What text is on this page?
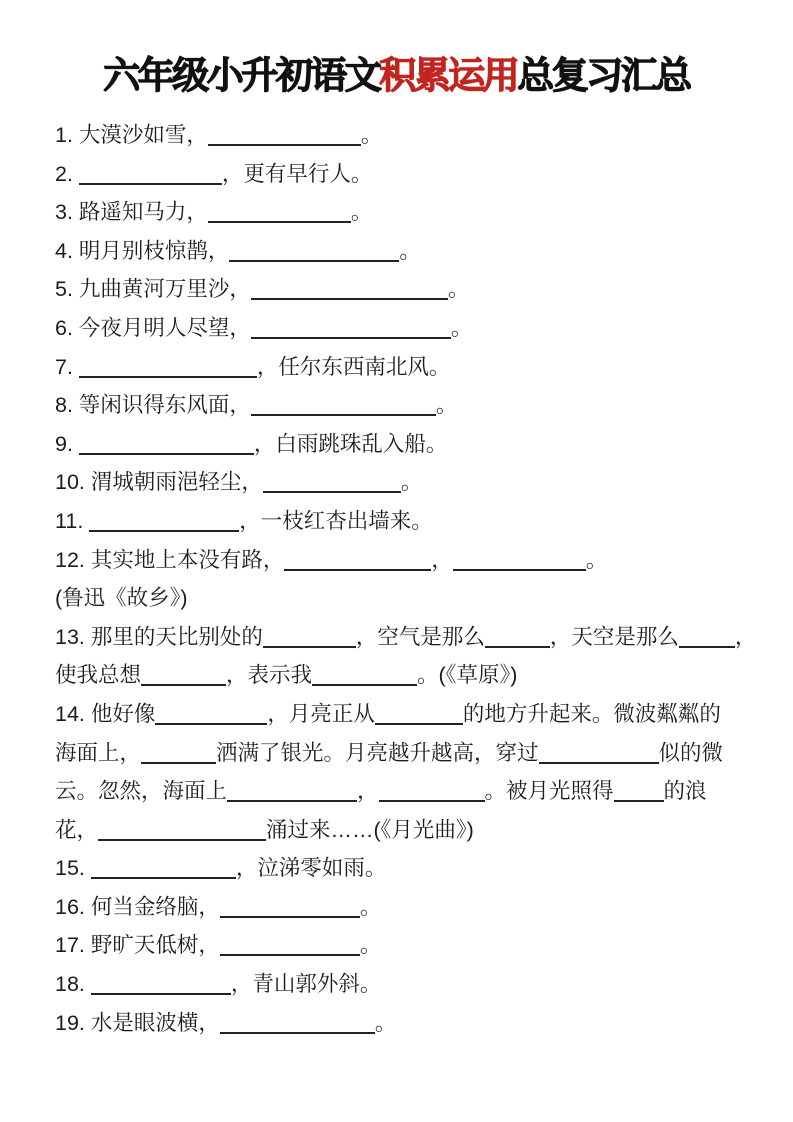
六年级小升初语文积累运用总复习汇总
1. 大漠沙如雪，	。
2.	，更有早行人。
3. 路遥知马力，	。
4. 明月别枝惊鹊，	。
5. 九曲黄河万里沙，	。
6. 今夜月明人尽望，	。
7.	，任尔东西南北风。
8. 等闲识得东风面，	。
9.	，白雨跳珠乱入船。
10. 渭城朝雨浥轻尘，	。
11.	，一枝红杏出墙来。
12. 其实地上本没有路，	，	。
(鲁迅《故乡》)
13. 那里的天比别处的	，空气是那么	，天空是那么	，
使我总想	，表示我	。(《草原》)
14. 他好像	，月亮正从	的地方升起来。微波粼粼的
海面上，	洒满了银光。月亮越升越高，穿过	似的微
云。忽然，海面上	，	。被月光照得 的浪
花，	涌过来……(《月光曲》)
15.	，泣涕零如雨。
16. 何当金络脑，	。
17. 野旷天低树，	。
18.	，青山郭外斜。
19. 水是眼波横，	。
